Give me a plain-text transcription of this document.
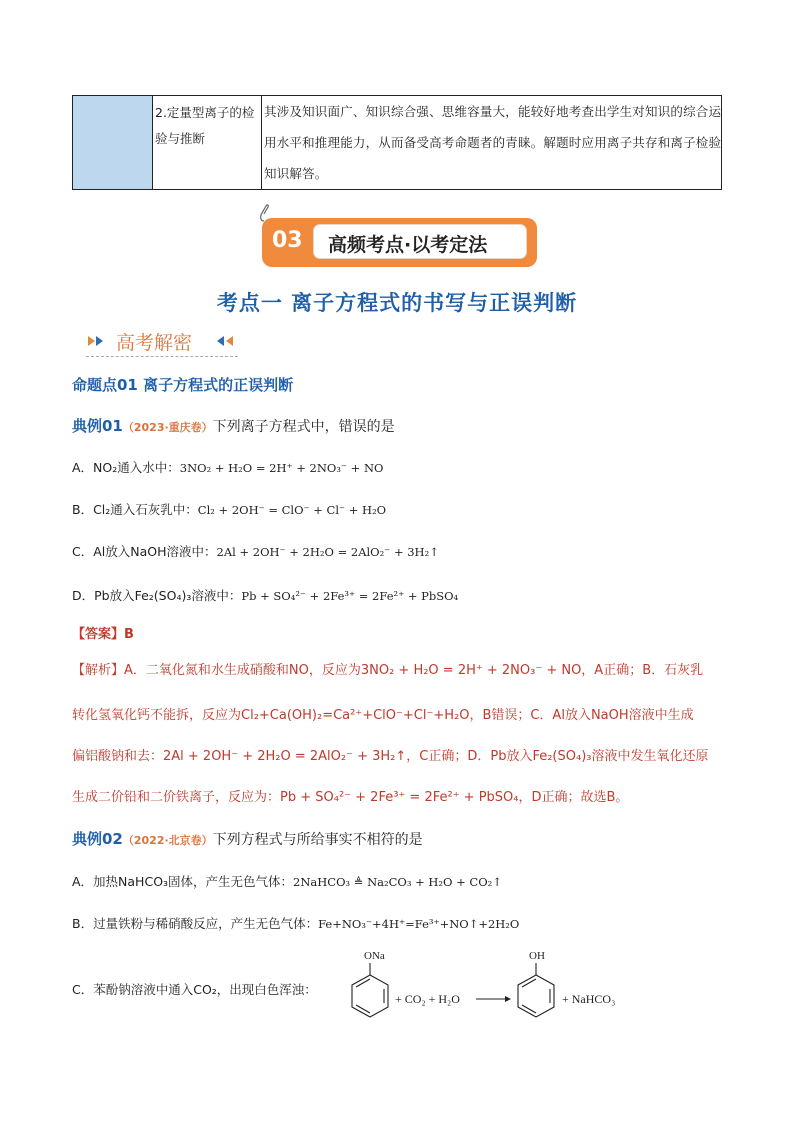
2.定量型离子的检验与推断
其涉及知识面广、知识综合强、思维容量大，能较好地考查出学生对知识的综合运用水平和推理能力，从而备受高考命题者的青睐。解题时应用离子共存和离子检验知识解答。
03 高频考点·以考定法
考点一 离子方程式的书写与正误判断
高考解密
命题点01 离子方程式的正误判断
典例01（2023·重庆卷）下列离子方程式中，错误的是
A．NO₂通入水中：3NO₂ + H₂O = 2H⁺ + 2NO₃⁻ + NO
B．Cl₂通入石灰乳中：Cl₂ + 2OH⁻ = ClO⁻ + Cl⁻ + H₂O
C．Al放入NaOH溶液中：2Al + 2OH⁻ + 2H₂O = 2AlO₂⁻ + 3H₂↑
D．Pb放入Fe₂(SO₄)₃溶液中：Pb + SO₄²⁻ + 2Fe³⁺ = 2Fe²⁺ + PbSO₄
【答案】B
【解析】A．二氧化氮和水生成硝酸和NO，反应为3NO₂ + H₂O = 2H⁺ + 2NO₃⁻ + NO，A正确；B．石灰乳
转化氢氧化钙不能拆，反应为Cl₂+Ca(OH)₂=Ca²⁺+ClO⁻+Cl⁻+H₂O，B错误；C．Al放入NaOH溶液中生成
偏铝酸钠和去：2Al + 2OH⁻ + 2H₂O = 2AlO₂⁻ + 3H₂↑，C正确；D．Pb放入Fe₂(SO₄)₃溶液中发生氧化还原
生成二价铅和二价铁离子，反应为：Pb + SO₄²⁻ + 2Fe³⁺ = 2Fe²⁺ + PbSO₄，D正确；故选B。
典例02（2022·北京卷）下列方程式与所给事实不相符的是
A．加热NaHCO₃固体，产生无色气体：2NaHCO₃ ≜ Na₂CO₃ + H₂O + CO₂↑
B．过量铁粉与稀硝酸反应，产生无色气体：Fe+NO₃⁻+4H⁺=Fe³⁺+NO↑+2H₂O
C．苯酚钠溶液中通入CO₂，出现白色浑浊：
ONa
+ CO₂ + H₂O
OH
+ NaHCO₃
